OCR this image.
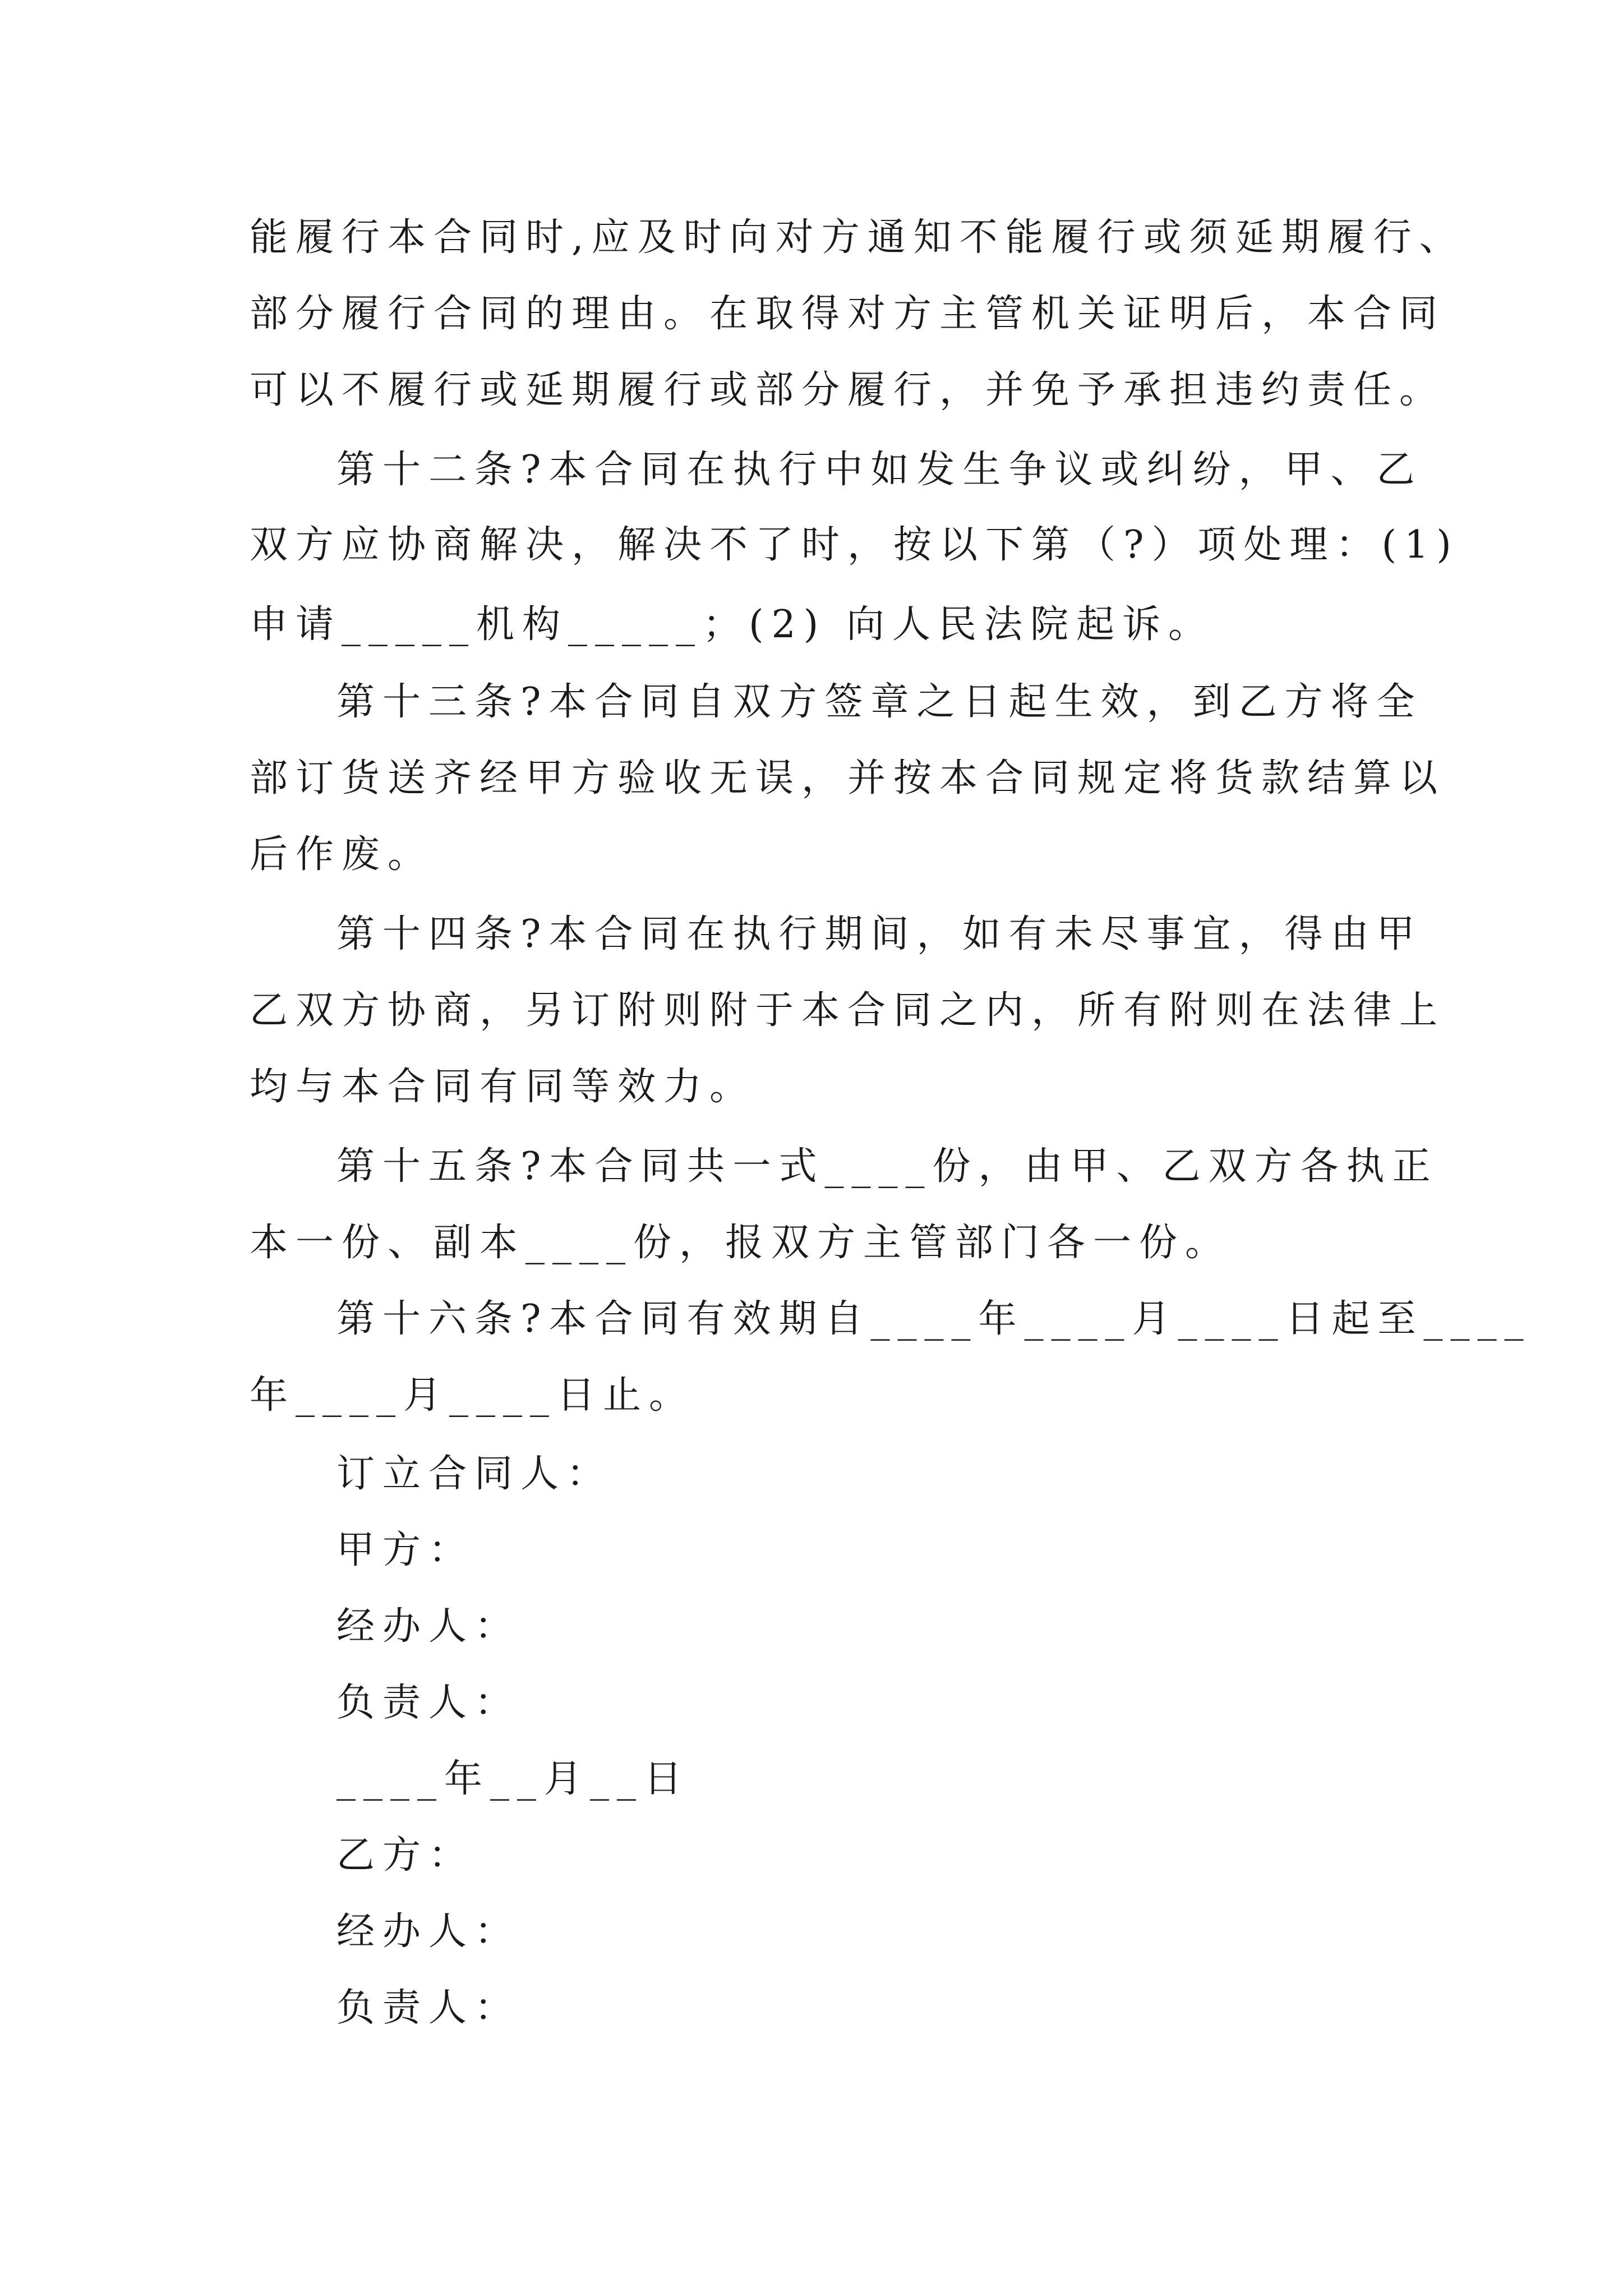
能履行本合同时,应及时向对方通知不能履行或须延期履行、
部分履行合同的理由。在取得对方主管机关证明后，本合同
可以不履行或延期履行或部分履行，并免予承担违约责任。
第十二条?本合同在执行中如发生争议或纠纷，甲、乙
双方应协商解决，解决不了时，按以下第（?）项处理：(1)
申请_____机构_____；(2) 向人民法院起诉。
第十三条?本合同自双方签章之日起生效，到乙方将全
部订货送齐经甲方验收无误，并按本合同规定将货款结算以
后作废。
第十四条?本合同在执行期间，如有未尽事宜，得由甲
乙双方协商，另订附则附于本合同之内，所有附则在法律上
均与本合同有同等效力。
第十五条?本合同共一式____份，由甲、乙双方各执正
本一份、副本____份，报双方主管部门各一份。
第十六条?本合同有效期自____年____月____日起至____
年____月____日止。
订立合同人：
甲方：
经办人：
负责人：
____年__月__日
乙方：
经办人：
负责人：
